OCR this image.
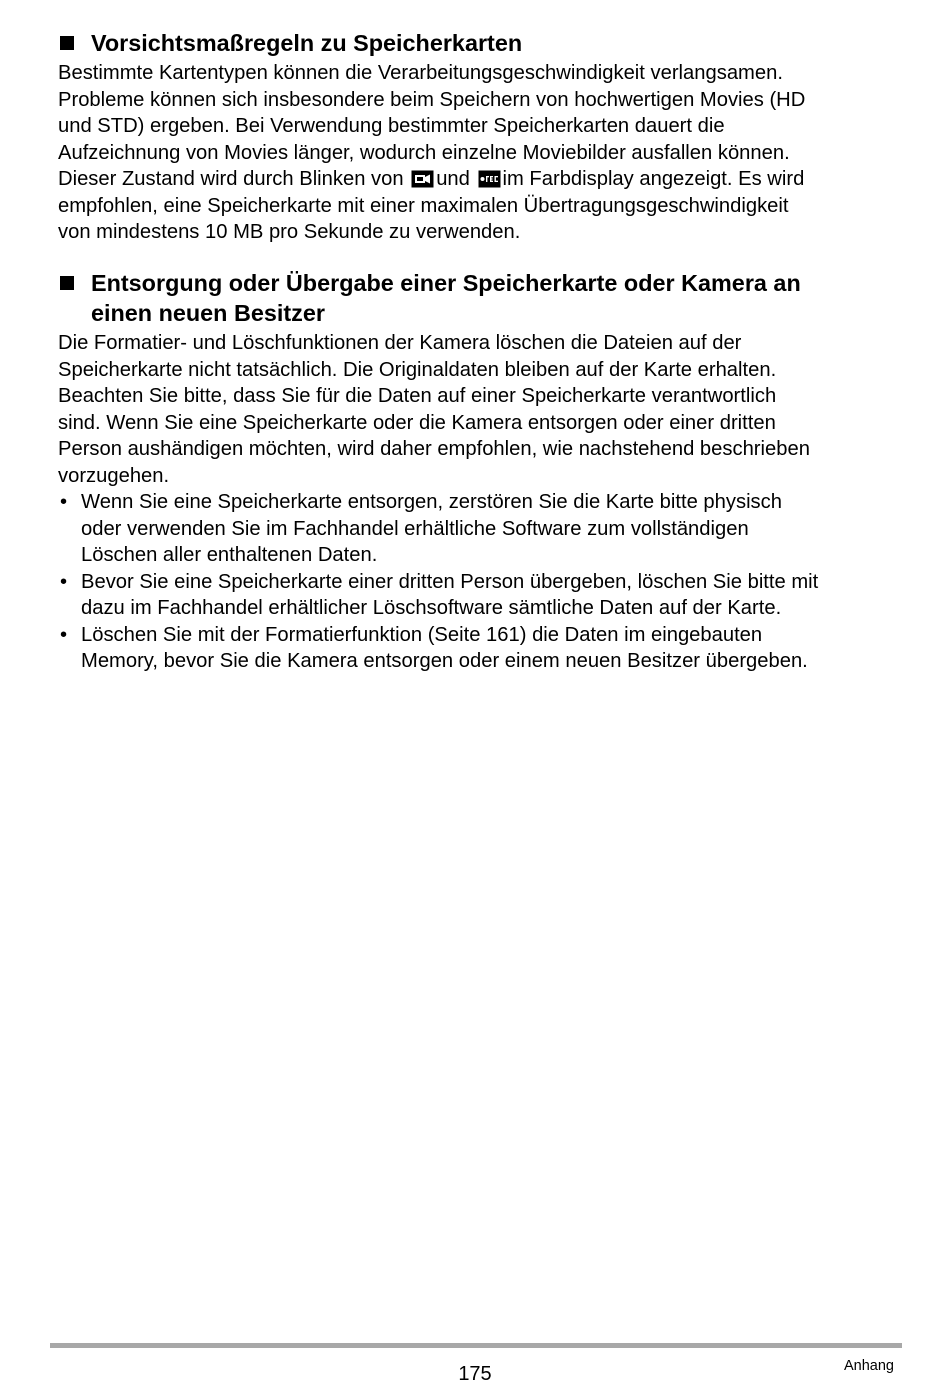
Vorsichtsmaßregeln zu Speicherkarten

Bestimmte Kartentypen können die Verarbeitungsgeschwindigkeit verlangsamen.
Probleme können sich insbesondere beim Speichern von hochwertigen Movies (HD
und STD) ergeben. Bei Verwendung bestimmter Speicherkarten dauert die
Aufzeichnung von Movies länger, wodurch einzelne Moviebilder ausfallen können.
Dieser Zustand wird durch Blinken von und im Farbdisplay angezeigt. Es wird
empfohlen, eine Speicherkarte mit einer maximalen Übertragungsgeschwindigkeit
von mindestens 10 MB pro Sekunde zu verwenden.

Entsorgung oder Übergabe einer Speicherkarte oder Kamera an
einen neuen Besitzer

Die Formatier- und Löschfunktionen der Kamera löschen die Dateien auf der
Speicherkarte nicht tatsächlich. Die Originaldaten bleiben auf der Karte erhalten.
Beachten Sie bitte, dass Sie für die Daten auf einer Speicherkarte verantwortlich
sind. Wenn Sie eine Speicherkarte oder die Kamera entsorgen oder einer dritten
Person aushändigen möchten, wird daher empfohlen, wie nachstehend beschrieben
vorzugehen.

• Wenn Sie eine Speicherkarte entsorgen, zerstören Sie die Karte bitte physisch
oder verwenden Sie im Fachhandel erhältliche Software zum vollständigen
Löschen aller enthaltenen Daten.
• Bevor Sie eine Speicherkarte einer dritten Person übergeben, löschen Sie bitte mit
dazu im Fachhandel erhältlicher Löschsoftware sämtliche Daten auf der Karte.
• Löschen Sie mit der Formatierfunktion (Seite 161) die Daten im eingebauten
Memory, bevor Sie die Kamera entsorgen oder einem neuen Besitzer übergeben.
Anhang
175
